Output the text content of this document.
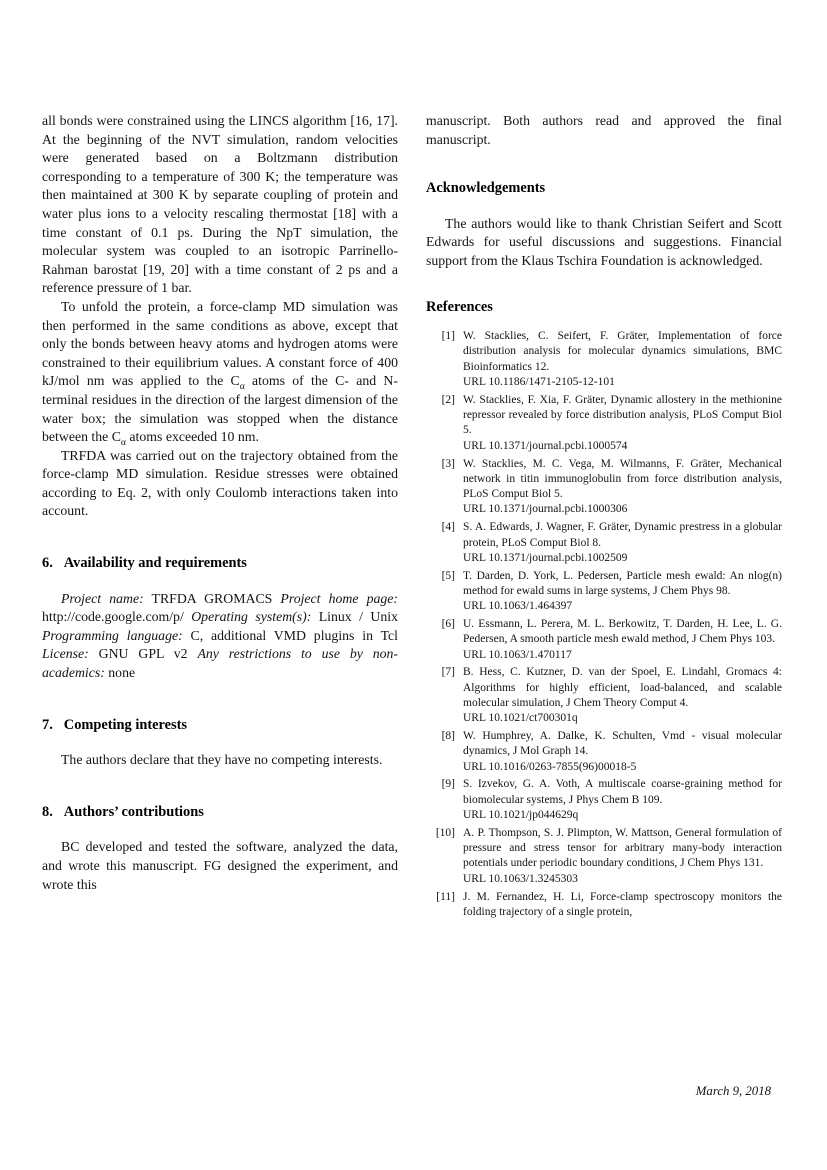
all bonds were constrained using the LINCS algorithm [16, 17]. At the beginning of the NVT simulation, random velocities were generated based on a Boltzmann distribution corresponding to a temperature of 300 K; the temperature was then maintained at 300 K by separate coupling of protein and water plus ions to a velocity rescaling thermostat [18] with a time constant of 0.1 ps. During the NpT simulation, the molecular system was coupled to an isotropic Parrinello-Rahman barostat [19, 20] with a time constant of 2 ps and a reference pressure of 1 bar.

To unfold the protein, a force-clamp MD simulation was then performed in the same conditions as above, except that only the bonds between heavy atoms and hydrogen atoms were constrained to their equilibrium values. A constant force of 400 kJ/mol nm was applied to the $C_\alpha$ atoms of the C- and N-terminal residues in the direction of the largest dimension of the water box; the simulation was stopped when the distance between the $C_\alpha$ atoms exceeded 10 nm.

TRFDA was carried out on the trajectory obtained from the force-clamp MD simulation. Residue stresses were obtained according to Eq. 2, with only Coulomb interactions taken into account.

6. Availability and requirements

Project name: TRFDA GROMACS Project home page: http://code.google.com/p/ Operating system(s): Linux / Unix Programming language: C, additional VMD plugins in Tcl License: GNU GPL v2 Any restrictions to use by non-academics: none

7. Competing interests

The authors declare that they have no competing interests.

8. Authors’ contributions

BC developed and tested the software, analyzed the data, and wrote this manuscript. FG designed the experiment, and wrote this

manuscript. Both authors read and approved the final manuscript.

Acknowledgements

The authors would like to thank Christian Seifert and Scott Edwards for useful discussions and suggestions. Financial support from the Klaus Tschira Foundation is acknowledged.

References
[1] W. Stacklies, C. Seifert, F. Gräter, Implementation of force distribution analysis for molecular dynamics simulations, BMC Bioinformatics 12.
URL 10.1186/1471-2105-12-101
[2] W. Stacklies, F. Xia, F. Gräter, Dynamic allostery in the methionine repressor revealed by force distribution analysis, PLoS Comput Biol 5.
URL 10.1371/journal.pcbi.1000574
[3] W. Stacklies, M. C. Vega, M. Wilmanns, F. Gräter, Mechanical network in titin immunoglobulin from force distribution analysis, PLoS Comput Biol 5.
URL 10.1371/journal.pcbi.1000306
[4] S. A. Edwards, J. Wagner, F. Gräter, Dynamic prestress in a globular protein, PLoS Comput Biol 8.
URL 10.1371/journal.pcbi.1002509
[5] T. Darden, D. York, L. Pedersen, Particle mesh ewald: An nlog(n) method for ewald sums in large systems, J Chem Phys 98.
URL 10.1063/1.464397
[6] U. Essmann, L. Perera, M. L. Berkowitz, T. Darden, H. Lee, L. G. Pedersen, A smooth particle mesh ewald method, J Chem Phys 103.
URL 10.1063/1.470117
[7] B. Hess, C. Kutzner, D. van der Spoel, E. Lindahl, Gromacs 4: Algorithms for highly efficient, load-balanced, and scalable molecular simulation, J Chem Theory Comput 4.
URL 10.1021/ct700301q
[8] W. Humphrey, A. Dalke, K. Schulten, Vmd - visual molecular dynamics, J Mol Graph 14.
URL 10.1016/0263-7855(96)00018-5
[9] S. Izvekov, G. A. Voth, A multiscale coarse-graining method for biomolecular systems, J Phys Chem B 109.
URL 10.1021/jp044629q
[10] A. P. Thompson, S. J. Plimpton, W. Mattson, General formulation of pressure and stress tensor for arbitrary many-body interaction potentials under periodic boundary conditions, J Chem Phys 131.
URL 10.1063/1.3245303
[11] J. M. Fernandez, H. Li, Force-clamp spectroscopy monitors the folding trajectory of a single protein,
March 9, 2018
